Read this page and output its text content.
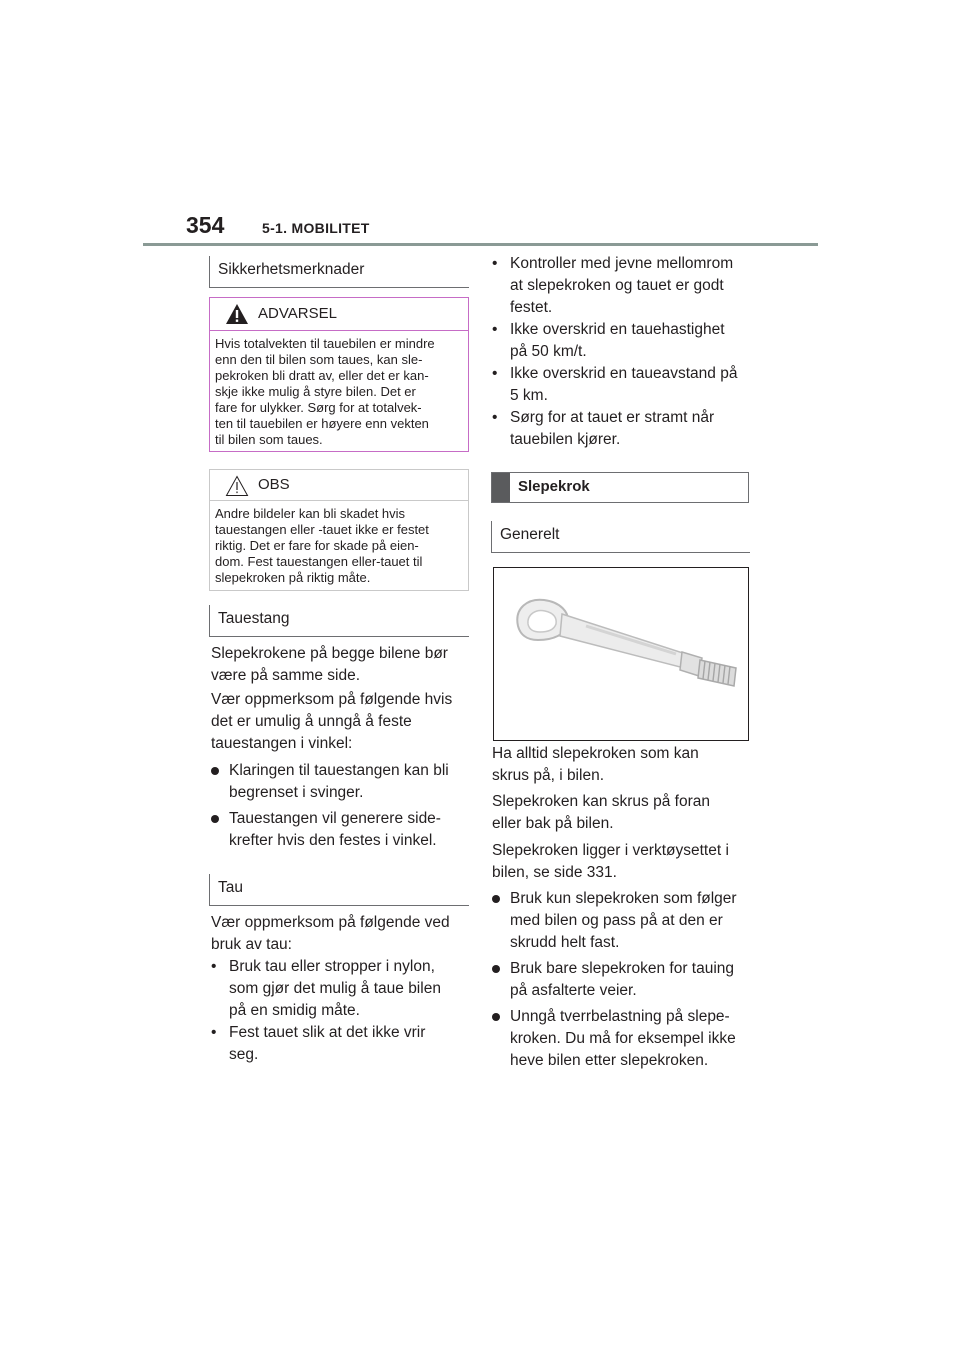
354	5-1. MOBILITET
Sikkerhetsmerknader
ADVARSEL
Hvis totalvekten til tauebilen er mindre
enn den til bilen som taues, kan sle-
pekroken bli dratt av, eller det er kan-
skje ikke mulig å styre bilen. Det er
fare for ulykker. Sørg for at totalvek-
ten til tauebilen er høyere enn vekten
til bilen som taues.
OBS
Andre bildeler kan bli skadet hvis
tauestangen eller -tauet ikke er festet
riktig. Det er fare for skade på eien-
dom. Fest tauestangen eller-tauet til
slepekroken på riktig måte.
Tauestang
Slepekrokene på begge bilene bør
være på samme side.
Vær oppmerksom på følgende hvis
det er umulig å unngå å feste
tauestangen i vinkel:
Klaringen til tauestangen kan bli
begrenset i svinger.
Tauestangen vil generere side-
krefter hvis den festes i vinkel.
Tau
Vær oppmerksom på følgende ved
bruk av tau:
• Bruk tau eller stropper i nylon,
som gjør det mulig å taue bilen
på en smidig måte.
• Fest tauet slik at det ikke vrir
seg.
• Kontroller med jevne mellomrom
at slepekroken og tauet er godt
festet.
• Ikke overskrid en tauehastighet
på 50 km/t.
• Ikke overskrid en taueavstand på
5 km.
• Sørg for at tauet er stramt når
tauebilen kjører.
Slepekrok
Generelt
Ha alltid slepekroken som kan
skrus på, i bilen.
Slepekroken kan skrus på foran
eller bak på bilen.
Slepekroken ligger i verktøysettet i
bilen, se side 331.
Bruk kun slepekroken som følger
med bilen og pass på at den er
skrudd helt fast.
Bruk bare slepekroken for tauing
på asfalterte veier.
Unngå tverrbelastning på slepe-
kroken. Du må for eksempel ikke
heve bilen etter slepekroken.
